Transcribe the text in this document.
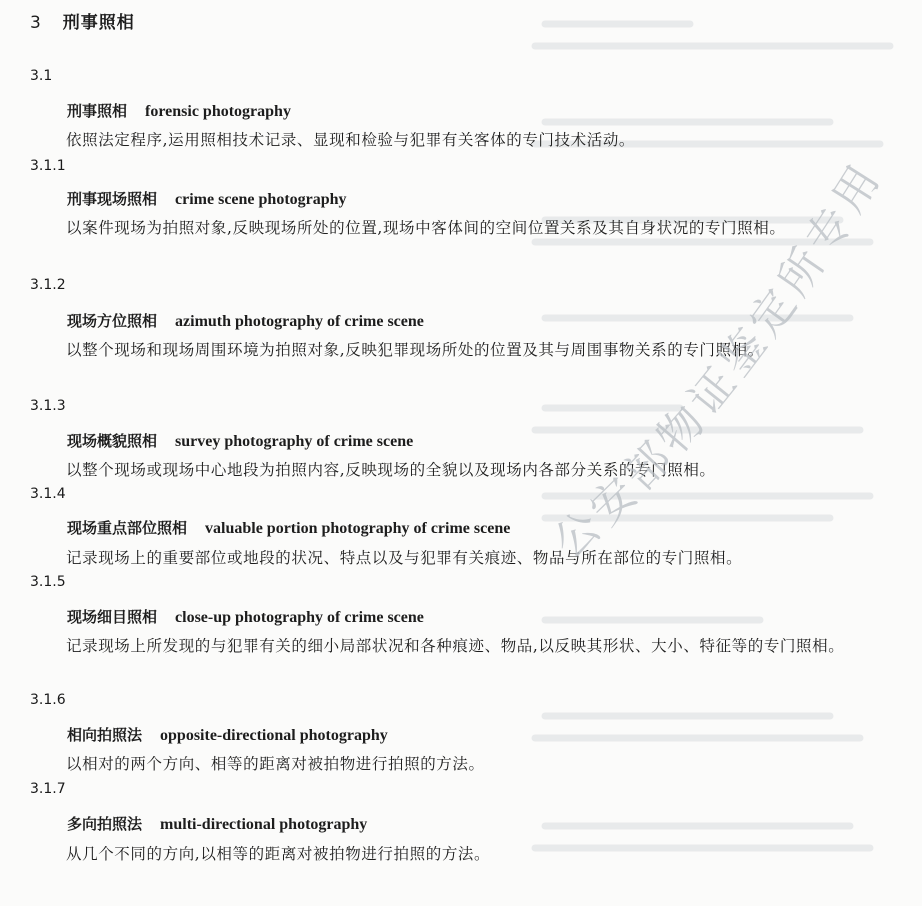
3 刑事照相
3.1
刑事照相 forensic photography
依照法定程序,运用照相技术记录、显现和检验与犯罪有关客体的专门技术活动。
3.1.1
刑事现场照相 crime scene photography
以案件现场为拍照对象,反映现场所处的位置,现场中客体间的空间位置关系及其自身状况的专门照相。
3.1.2
现场方位照相 azimuth photography of crime scene
以整个现场和现场周围环境为拍照对象,反映犯罪现场所处的位置及其与周围事物关系的专门照相。
3.1.3
现场概貌照相 survey photography of crime scene
以整个现场或现场中心地段为拍照内容,反映现场的全貌以及现场内各部分关系的专门照相。
3.1.4
现场重点部位照相 valuable portion photography of crime scene
记录现场上的重要部位或地段的状况、特点以及与犯罪有关痕迹、物品与所在部位的专门照相。
3.1.5
现场细目照相 close-up photography of crime scene
记录现场上所发现的与犯罪有关的细小局部状况和各种痕迹、物品,以反映其形状、大小、特征等的专门照相。
3.1.6
相向拍照法 opposite-directional photography
以相对的两个方向、相等的距离对被拍物进行拍照的方法。
3.1.7
多向拍照法 multi-directional photography
从几个不同的方向,以相等的距离对被拍物进行拍照的方法。
公安部物证鉴定所专用
